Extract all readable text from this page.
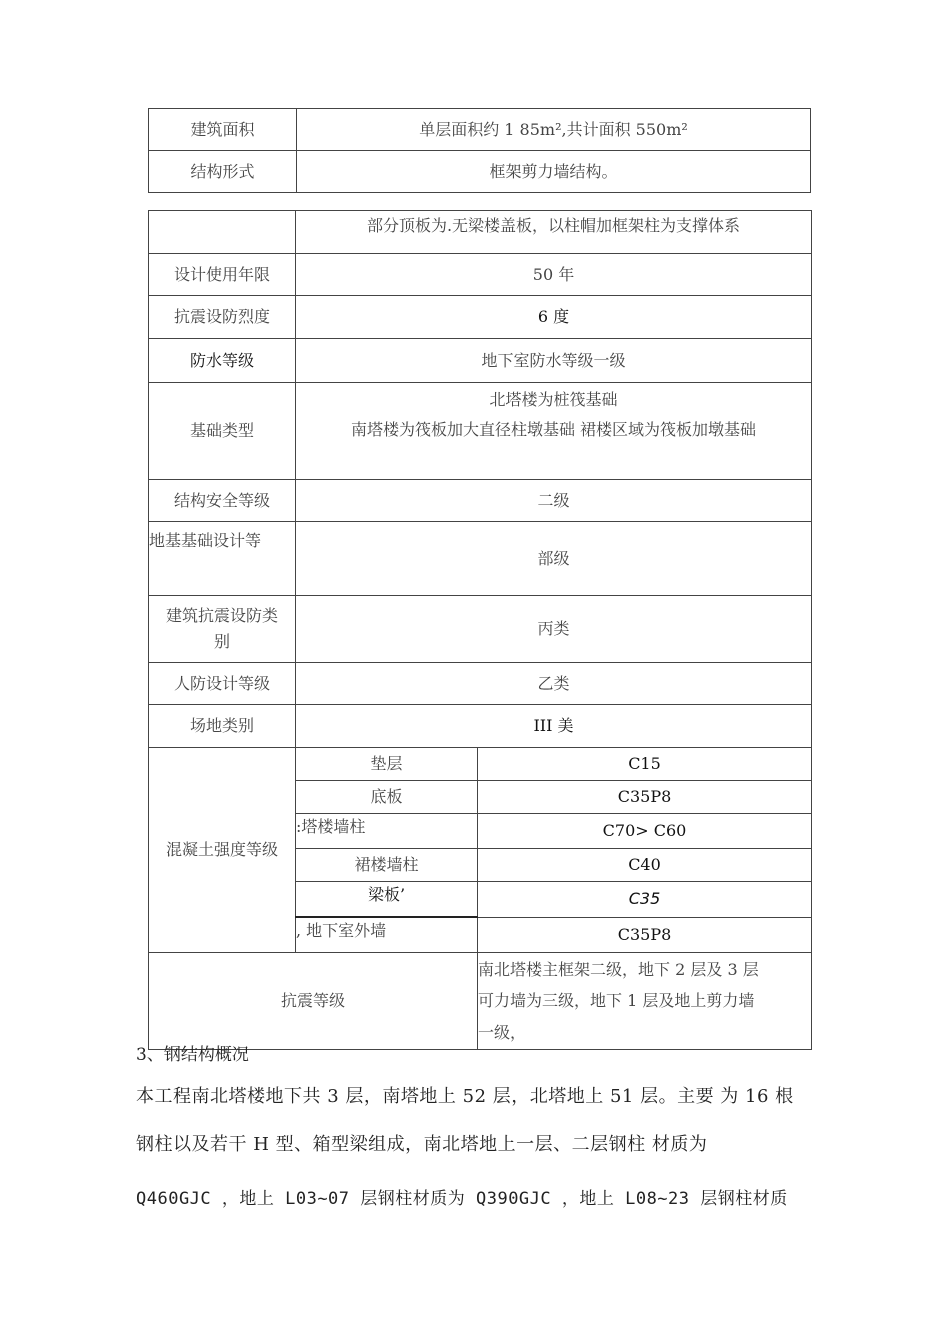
建筑面积	单层面积约 1 85m²,共计面积 550m²
结构形式	框架剪力墙结构。
	部分顶板为.无梁楼盖板，以柱帽加框架柱为支撑体系	
设计使用年限	50 年	
抗震设防烈度	6 度	
防水等级	地下室防水等级一级	
基础类型	北塔楼为桩筏基础
南塔楼为筏板加大直径柱墩基础 裙楼区域为筏板加墩基础	

结构安全等级	二级	
地基基础设计等	部级	

建筑抗震设防类
别	丙类	
人防设计等级	乙类	
场地类别	III 美	
混凝土强度等级	垫层	C15
	底板	C35P8
	:塔楼墙柱	C70> C60
	裙楼墙柱	C40
	梁板’	C35
	, 地下室外墙	C35P8
抗震等级		南北塔楼主框架二级，地下 2 层及 3 层
可力墙为三级，地下 1 层及地上剪力墙
一级，

3、钢结构概况

本工程南北塔楼地下共 3 层，南塔地上 52 层，北塔地上 51 层。主要 为 16 根

钢柱以及若干 H 型、箱型梁组成，南北塔地上一层、二层钢柱 材质为

Q460GJC ，地上 L03~07 层钢柱材质为 Q390GJC ，地上 L08~23 层钢柱材质
